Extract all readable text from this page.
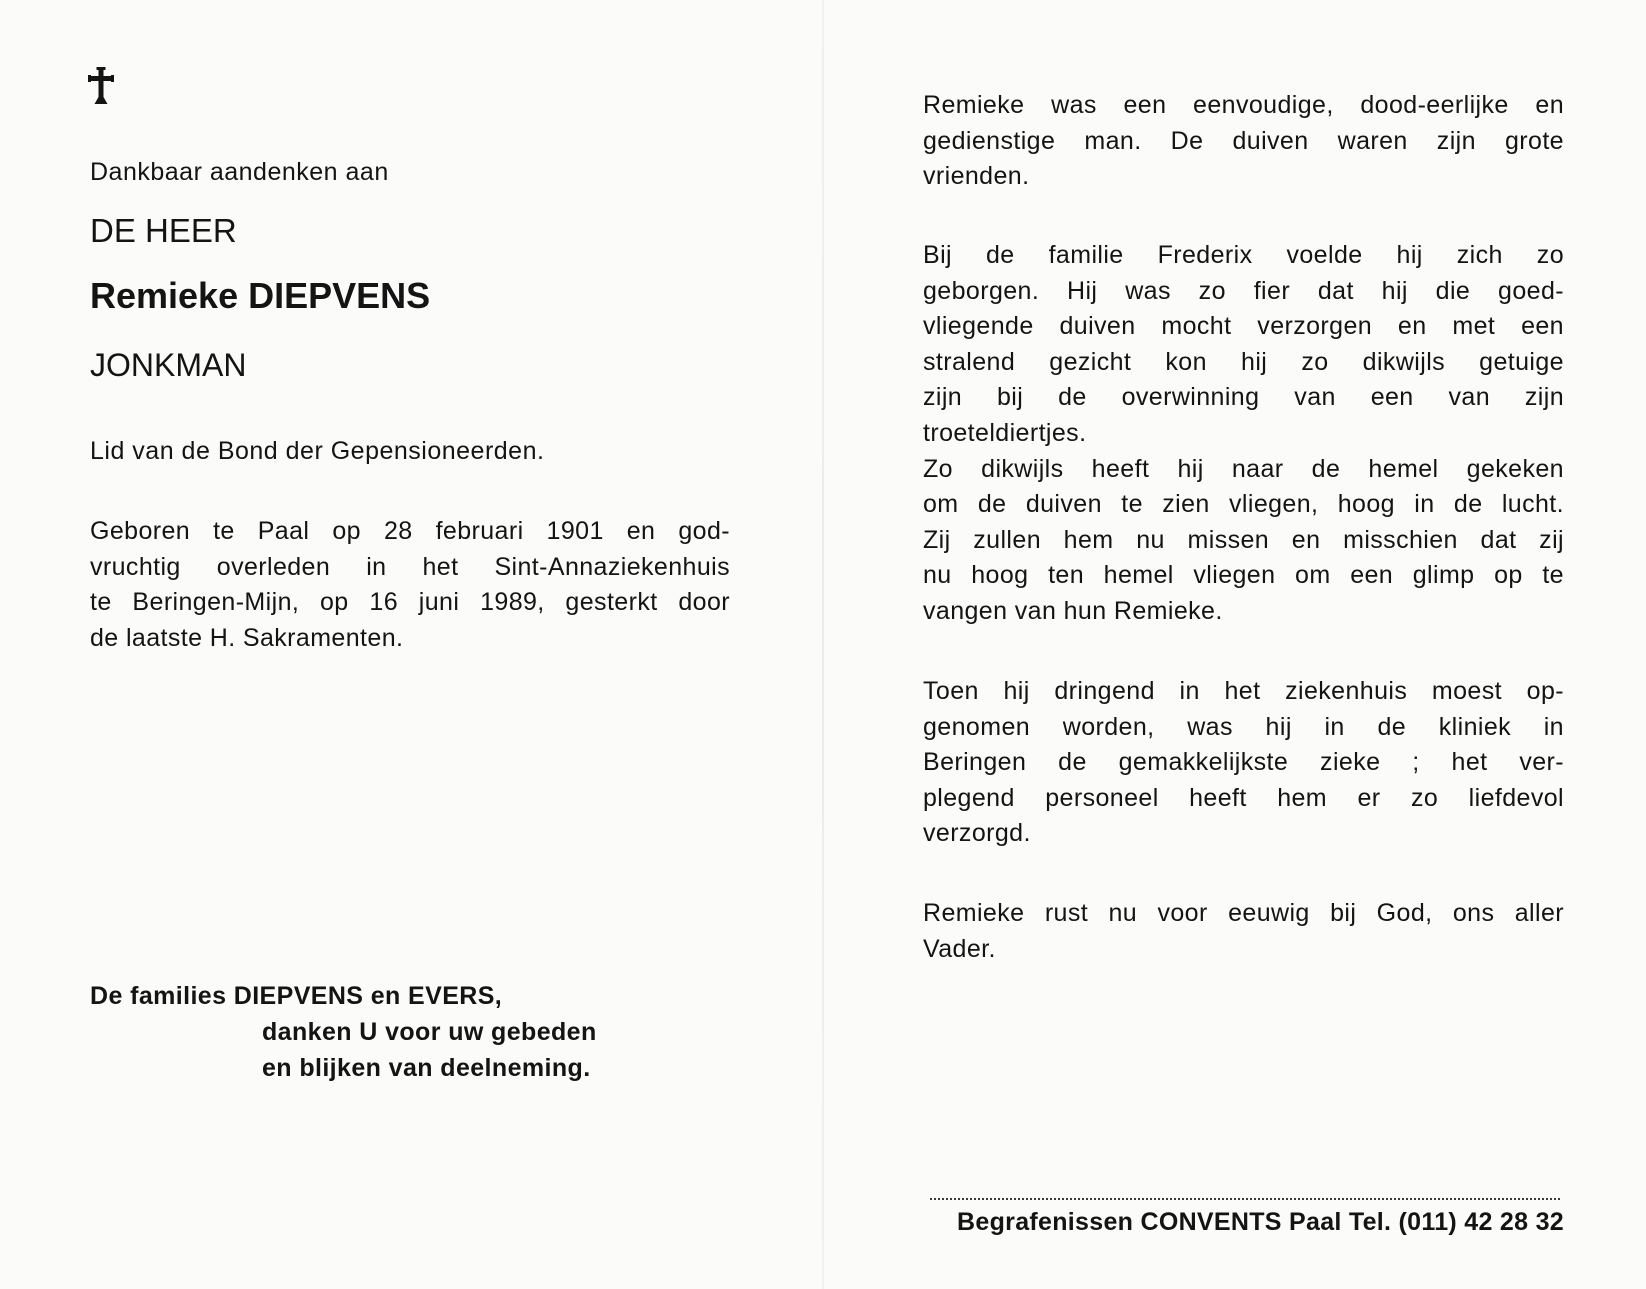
Dankbaar aandenken aan
DE HEER
Remieke DIEPVENS
JONKMAN
Lid van de Bond der Gepensioneerden.
Geboren te Paal op 28 februari 1901 en god-
vruchtig overleden in het Sint-Annaziekenhuis
te Beringen-Mijn, op 16 juni 1989, gesterkt door
de laatste H. Sakramenten.
De families DIEPVENS en EVERS,
danken U voor uw gebeden
en blijken van deelneming.
Remieke was een eenvoudige, dood-eerlijke en
gedienstige man. De duiven waren zijn grote
vrienden.
Bij de familie Frederix voelde hij zich zo
geborgen. Hij was zo fier dat hij die goed-
vliegende duiven mocht verzorgen en met een
stralend gezicht kon hij zo dikwijls getuige
zijn bij de overwinning van een van zijn
troeteldiertjes.
Zo dikwijls heeft hij naar de hemel gekeken
om de duiven te zien vliegen, hoog in de lucht.
Zij zullen hem nu missen en misschien dat zij
nu hoog ten hemel vliegen om een glimp op te
vangen van hun Remieke.
Toen hij dringend in het ziekenhuis moest op-
genomen worden, was hij in de kliniek in
Beringen de gemakkelijkste zieke ; het ver-
plegend personeel heeft hem er zo liefdevol
verzorgd.
Remieke rust nu voor eeuwig bij God, ons aller
Vader.
Begrafenissen CONVENTS Paal Tel. (011) 42 28 32
